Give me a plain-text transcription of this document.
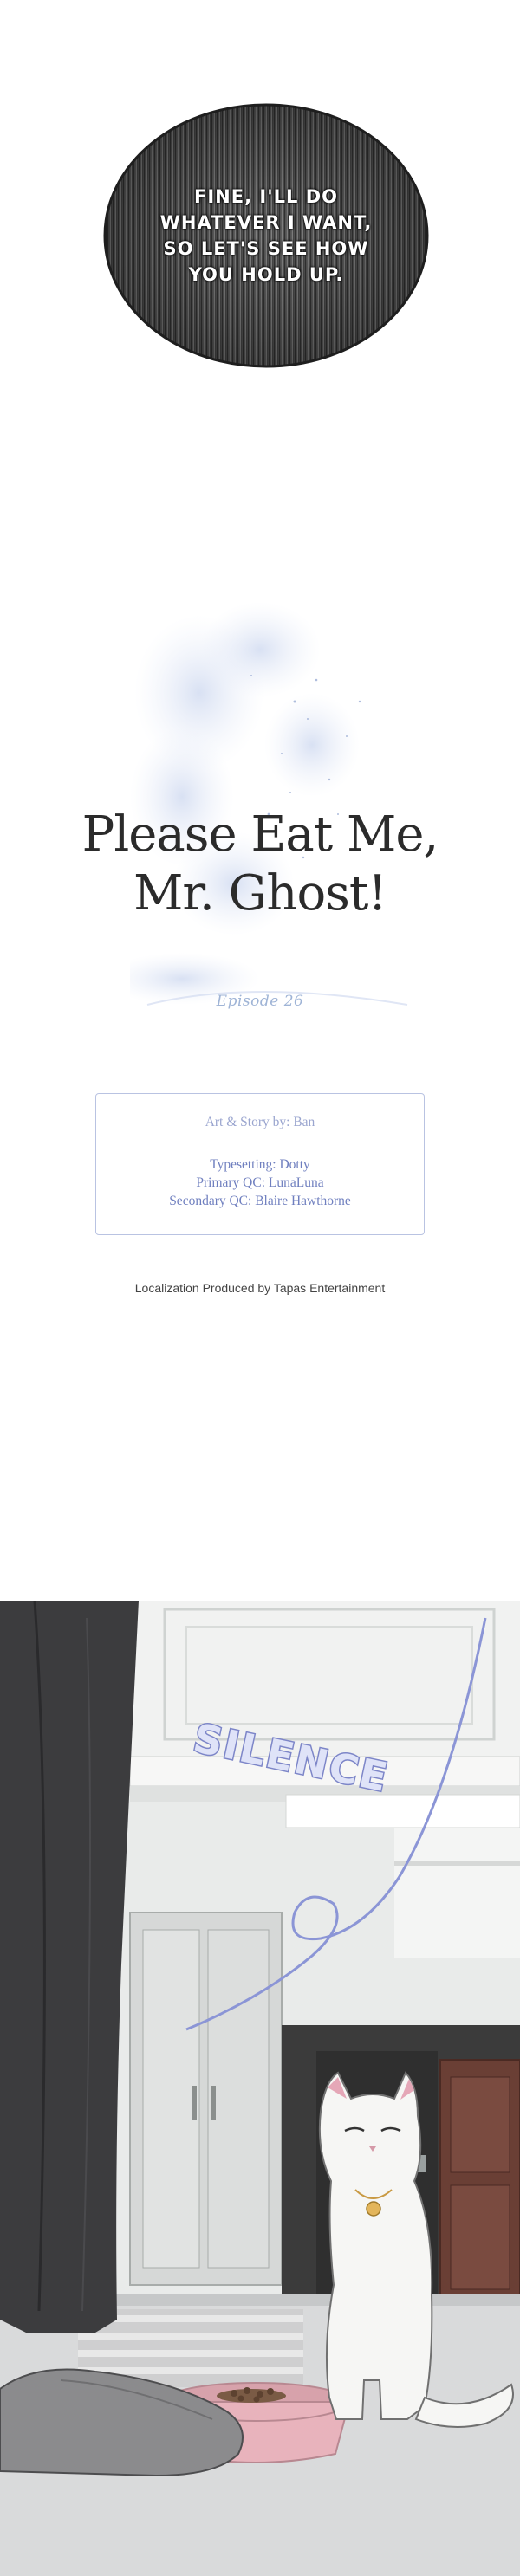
FINE, I'LL DO
WHATEVER I WANT,
SO LET'S SEE HOW
YOU HOLD UP.
Please Eat Me,
Mr. Ghost!
Episode 26
Art & Story by: Ban
Typesetting: Dotty
Primary QC: LunaLuna
Secondary QC: Blaire Hawthorne
Localization Produced by Tapas Entertainment
SILENCE
